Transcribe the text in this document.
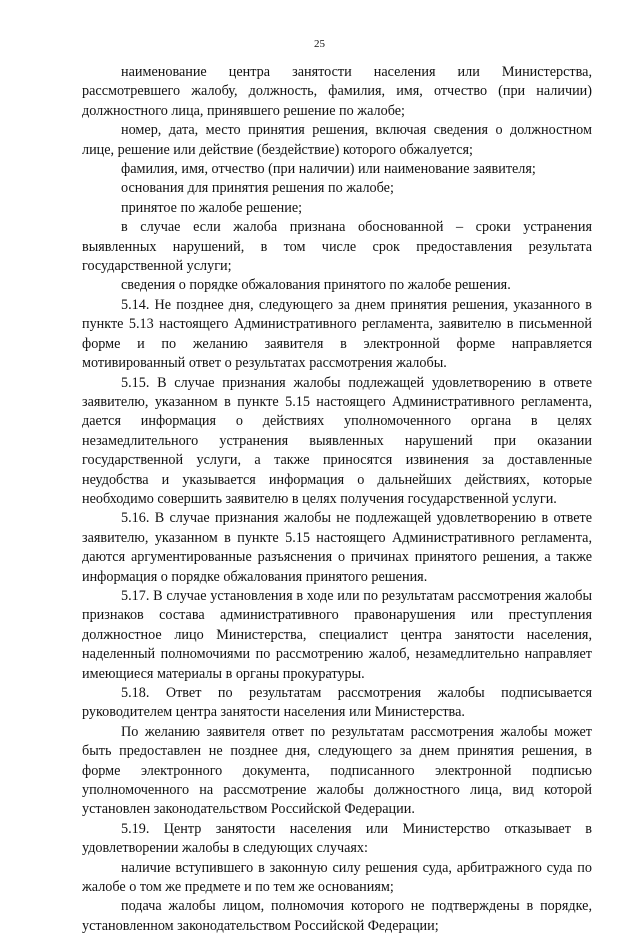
25

наименование центра занятости населения или Министерства, рассмотревшего жалобу, должность, фамилия, имя, отчество (при наличии) должностного лица, принявшего решение по жалобе;

номер, дата, место принятия решения, включая сведения о должностном лице, решение или действие (бездействие) которого обжалуется;

фамилия, имя, отчество (при наличии) или наименование заявителя;

основания для принятия решения по жалобе;

принятое по жалобе решение;

в случае если жалоба признана обоснованной – сроки устранения выявленных нарушений, в том числе срок предоставления результата государственной услуги;

сведения о порядке обжалования принятого по жалобе решения.

5.14. Не позднее дня, следующего за днем принятия решения, указанного в пункте 5.13 настоящего Административного регламента, заявителю в письменной форме и по желанию заявителя в электронной форме направляется мотивированный ответ о результатах рассмотрения жалобы.

5.15. В случае признания жалобы подлежащей удовлетворению в ответе заявителю, указанном в пункте 5.15 настоящего Административного регламента, дается информация о действиях уполномоченного органа в целях незамедлительного устранения выявленных нарушений при оказании государственной услуги, а также приносятся извинения за доставленные неудобства и указывается информация о дальнейших действиях, которые необходимо совершить заявителю в целях получения государственной услуги.

5.16. В случае признания жалобы не подлежащей удовлетворению в ответе заявителю, указанном в пункте 5.15 настоящего Административного регламента, даются аргументированные разъяснения о причинах принятого решения, а также информация о порядке обжалования принятого решения.

5.17. В случае установления в ходе или по результатам рассмотрения жалобы признаков состава административного правонарушения или преступления должностное лицо Министерства, специалист центра занятости населения, наделенный полномочиями по рассмотрению жалоб, незамедлительно направляет имеющиеся материалы в органы прокуратуры.

5.18. Ответ по результатам рассмотрения жалобы подписывается руководителем центра занятости населения или Министерства.

По желанию заявителя ответ по результатам рассмотрения жалобы может быть предоставлен не позднее дня, следующего за днем принятия решения, в форме электронного документа, подписанного электронной подписью уполномоченного на рассмотрение жалобы должностного лица, вид которой установлен законодательством Российской Федерации.

5.19. Центр занятости населения или Министерство отказывает в удовлетворении жалобы в следующих случаях:

наличие вступившего в законную силу решения суда, арбитражного суда по жалобе о том же предмете и по тем же основаниям;

подача жалобы лицом, полномочия которого не подтверждены в порядке, установленном законодательством Российской Федерации;
